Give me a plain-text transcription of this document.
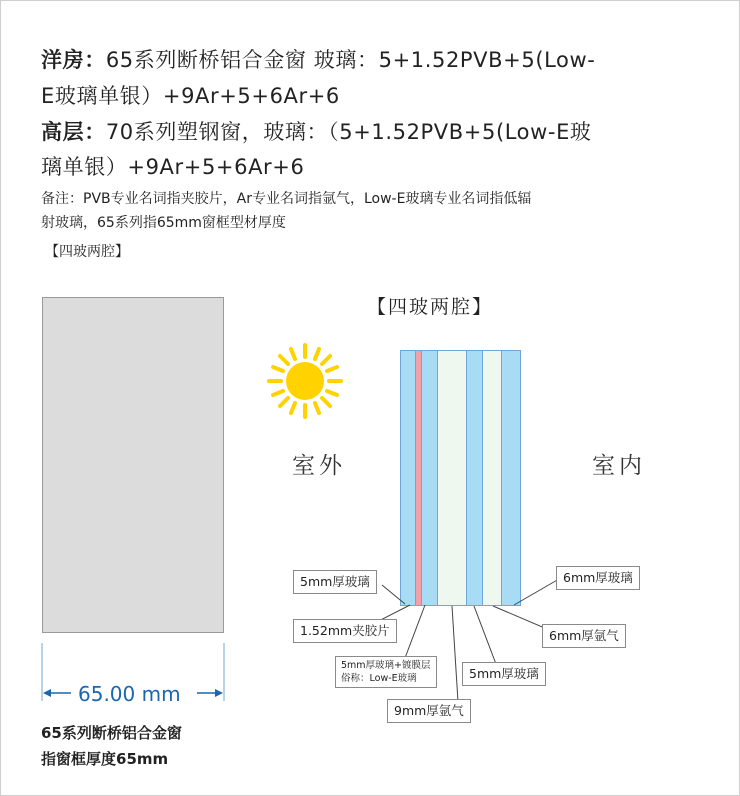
洋房：65系列断桥铝合金窗 玻璃：5+1.52PVB+5(Low-
E玻璃单银）+9Ar+5+6Ar+6
高层：70系列塑钢窗，玻璃：（5+1.52PVB+5(Low-E玻
璃单银）+9Ar+5+6Ar+6
备注：PVB专业名词指夹胶片，Ar专业名词指氩气，Low-E玻璃专业名词指低辐
射玻璃，65系列指65mm窗框型材厚度
【四玻两腔】
65.00 mm
65系列断桥铝合金窗
指窗框厚度65mm
【四玻两腔】
室外	室内
5mm厚玻璃
1.52mm夹胶片
5mm厚玻璃+镀膜层
俗称：Low-E玻璃
9mm厚氩气
5mm厚玻璃
6mm厚氩气
6mm厚玻璃
